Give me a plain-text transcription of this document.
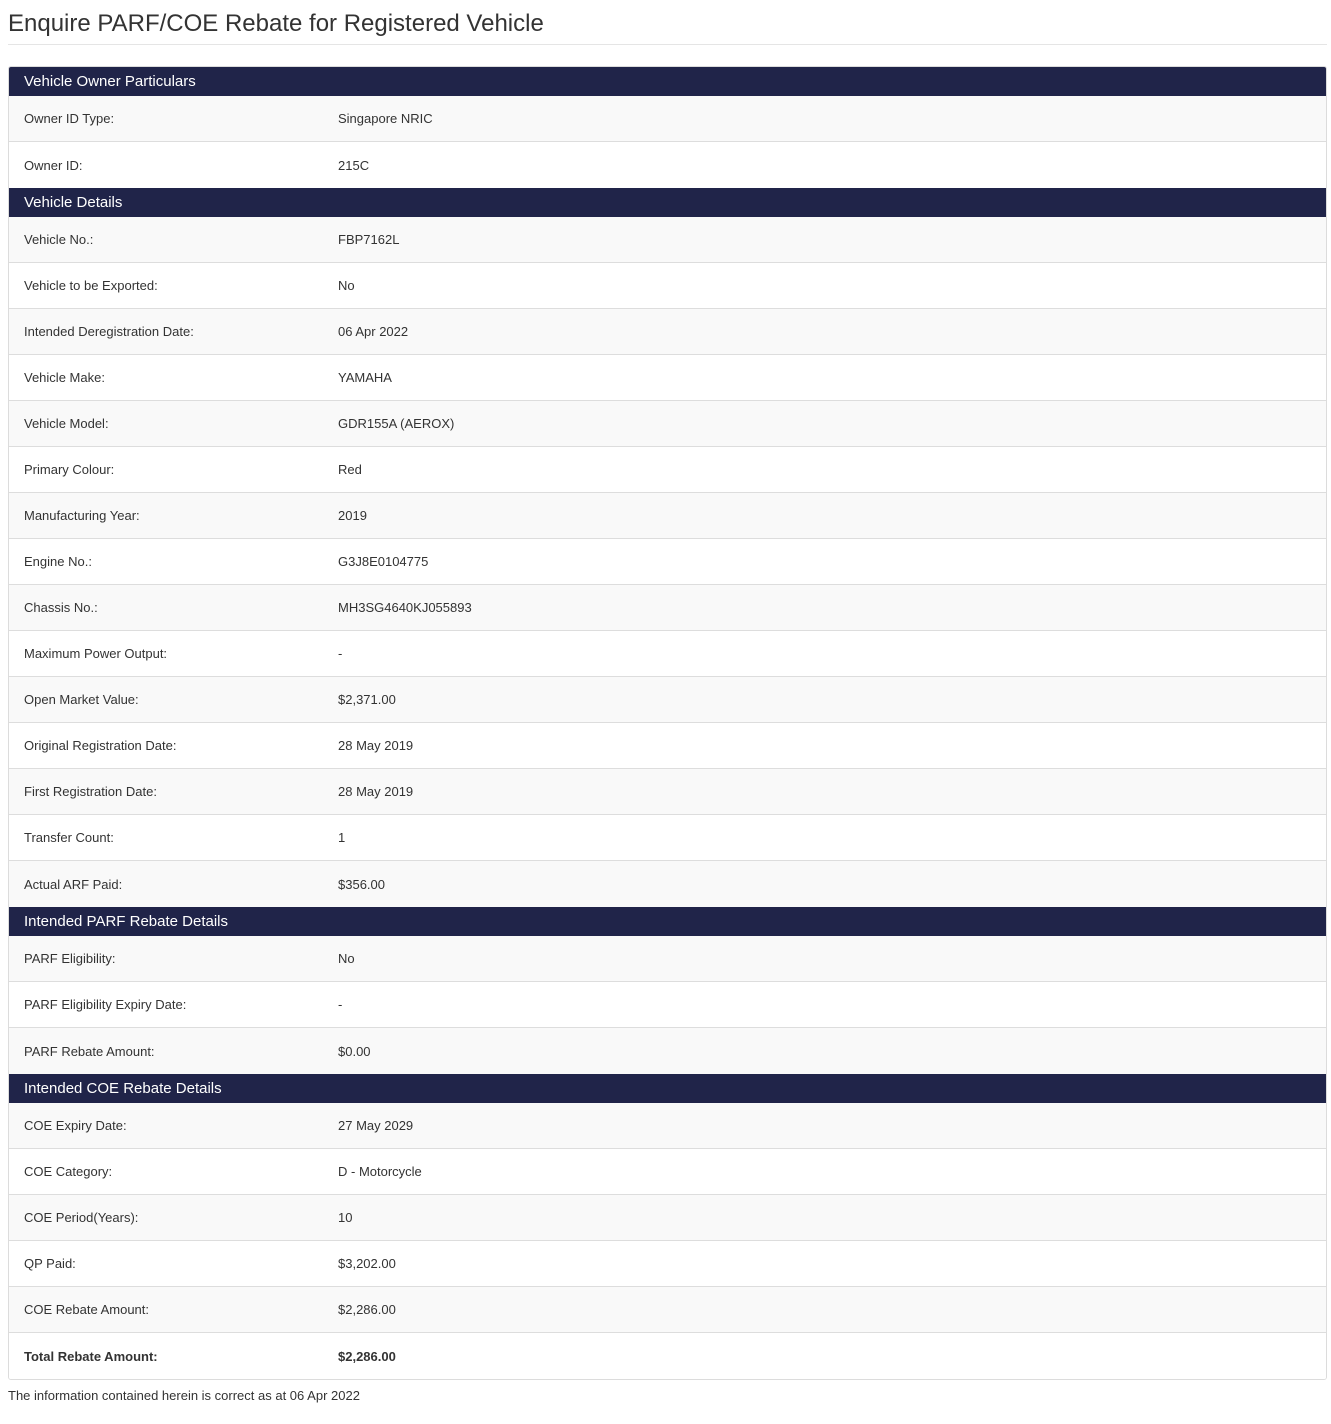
Enquire PARF/COE Rebate for Registered Vehicle
Vehicle Owner Particulars
Owner ID Type:	Singapore NRIC
Owner ID:	215C
Vehicle Details
Vehicle No.:	FBP7162L
Vehicle to be Exported:	No
Intended Deregistration Date:	06 Apr 2022
Vehicle Make:	YAMAHA
Vehicle Model:	GDR155A (AEROX)
Primary Colour:	Red
Manufacturing Year:	2019
Engine No.:	G3J8E0104775
Chassis No.:	MH3SG4640KJ055893
Maximum Power Output:	-
Open Market Value:	$2,371.00
Original Registration Date:	28 May 2019
First Registration Date:	28 May 2019
Transfer Count:	1
Actual ARF Paid:	$356.00
Intended PARF Rebate Details
PARF Eligibility:	No
PARF Eligibility Expiry Date:	-
PARF Rebate Amount:	$0.00
Intended COE Rebate Details
COE Expiry Date:	27 May 2029
COE Category:	D - Motorcycle
COE Period(Years):	10
QP Paid:	$3,202.00
COE Rebate Amount:	$2,286.00
Total Rebate Amount:	$2,286.00
The information contained herein is correct as at 06 Apr 2022
